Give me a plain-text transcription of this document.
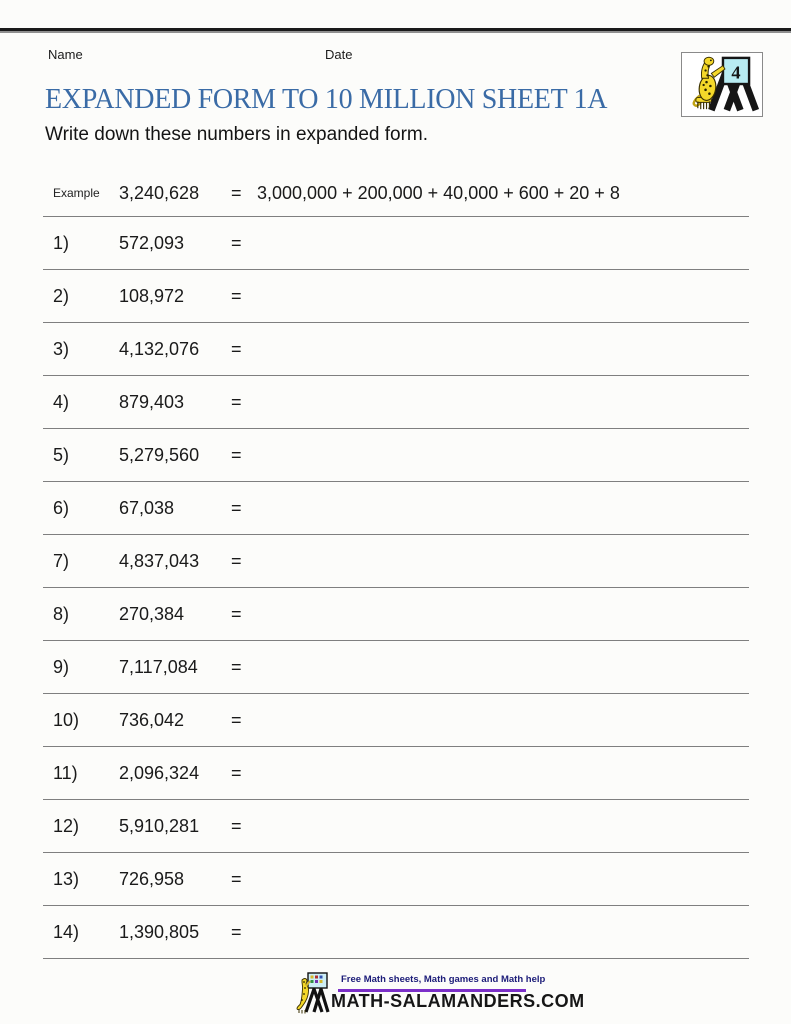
Name	Date
4
EXPANDED FORM TO 10 MILLION SHEET 1A
Write down these numbers in expanded form.
Example	3,240,628	= 3,000,000 + 200,000 + 40,000 + 600 + 20 + 8
1)	572,093	=
2)	108,972	=
3)	4,132,076	=
4)	879,403	=
5)	5,279,560	=
6)	67,038	=
7)	4,837,043	=
8)	270,384	=
9)	7,117,084	=
10)	736,042	=
11)	2,096,324	=
12)	5,910,281	=
13)	726,958	=
14)	1,390,805	=
Free Math sheets, Math games and Math help
MATH-SALAMANDERS.COM
